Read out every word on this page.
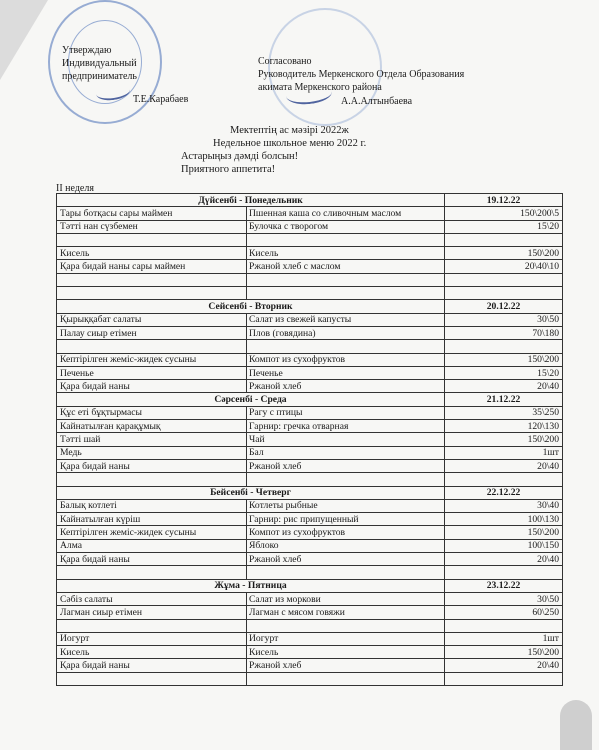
Утверждаю
Индивидуальный
предприниматель
Т.Е.Карабаев
Согласовано
Руководитель Меркенского Отдела Образования
акимата Меркенского района
А.А.Алтынбаева
Мектептің ас мәзірі 2022ж
Недельное школьное меню 2022 г.
Астарыңыз дәмді болсын!
Приятного аппетита!
II неделя
Дүйсенбі - Понедельник		19.12.22
Тары ботқасы сары маймен	Пшенная каша со сливочным маслом	150\200\5
Тәтті нан сүзбемен	Булочка с творогом	15\20

Кисель	Кисель	150\200
Қара бидай наны сары маймен	Ржаной хлеб с маслом	20\40\10

Сейсенбі - Вторник		20.12.22
Қырыққабат салаты	Салат из свежей капусты	30\50
Палау сиыр етімен	Плов (говядина)	70\180

Кептірілген жеміс-жидек сусыны	Компот из сухофруктов	150\200
Печенье	Печенье	15\20
Қара бидай наны	Ржаной хлеб	20\40
Сәрсенбі - Среда		21.12.22
Құс еті бұқтырмасы	Рагу с птицы	35\250
Кайнатылған қарақұмық	Гарнир: гречка отварная	120\130
Тәтті шай	Чай	150\200
Медь	Бал	1шт
Қара бидай наны	Ржаной хлеб	20\40

Бейсенбі - Четверг		22.12.22
Балық котлеті	Котлеты рыбные	30\40
Кайнатылған күріш	Гарнир: рис припущенный	100\130
Кептірілген жеміс-жидек сусыны	Компот из сухофруктов	150\200
Алма	Яблоко	100\150
Қара бидай наны	Ржаной хлеб	20\40

Жұма - Пятница		23.12.22
Сәбіз салаты	Салат из моркови	30\50
Лагман сиыр етімен	Лагман с мясом говяжи	60\250

Иогурт	Иогурт	1шт
Кисель	Кисель	150\200
Қара бидай наны	Ржаной хлеб	20\40
